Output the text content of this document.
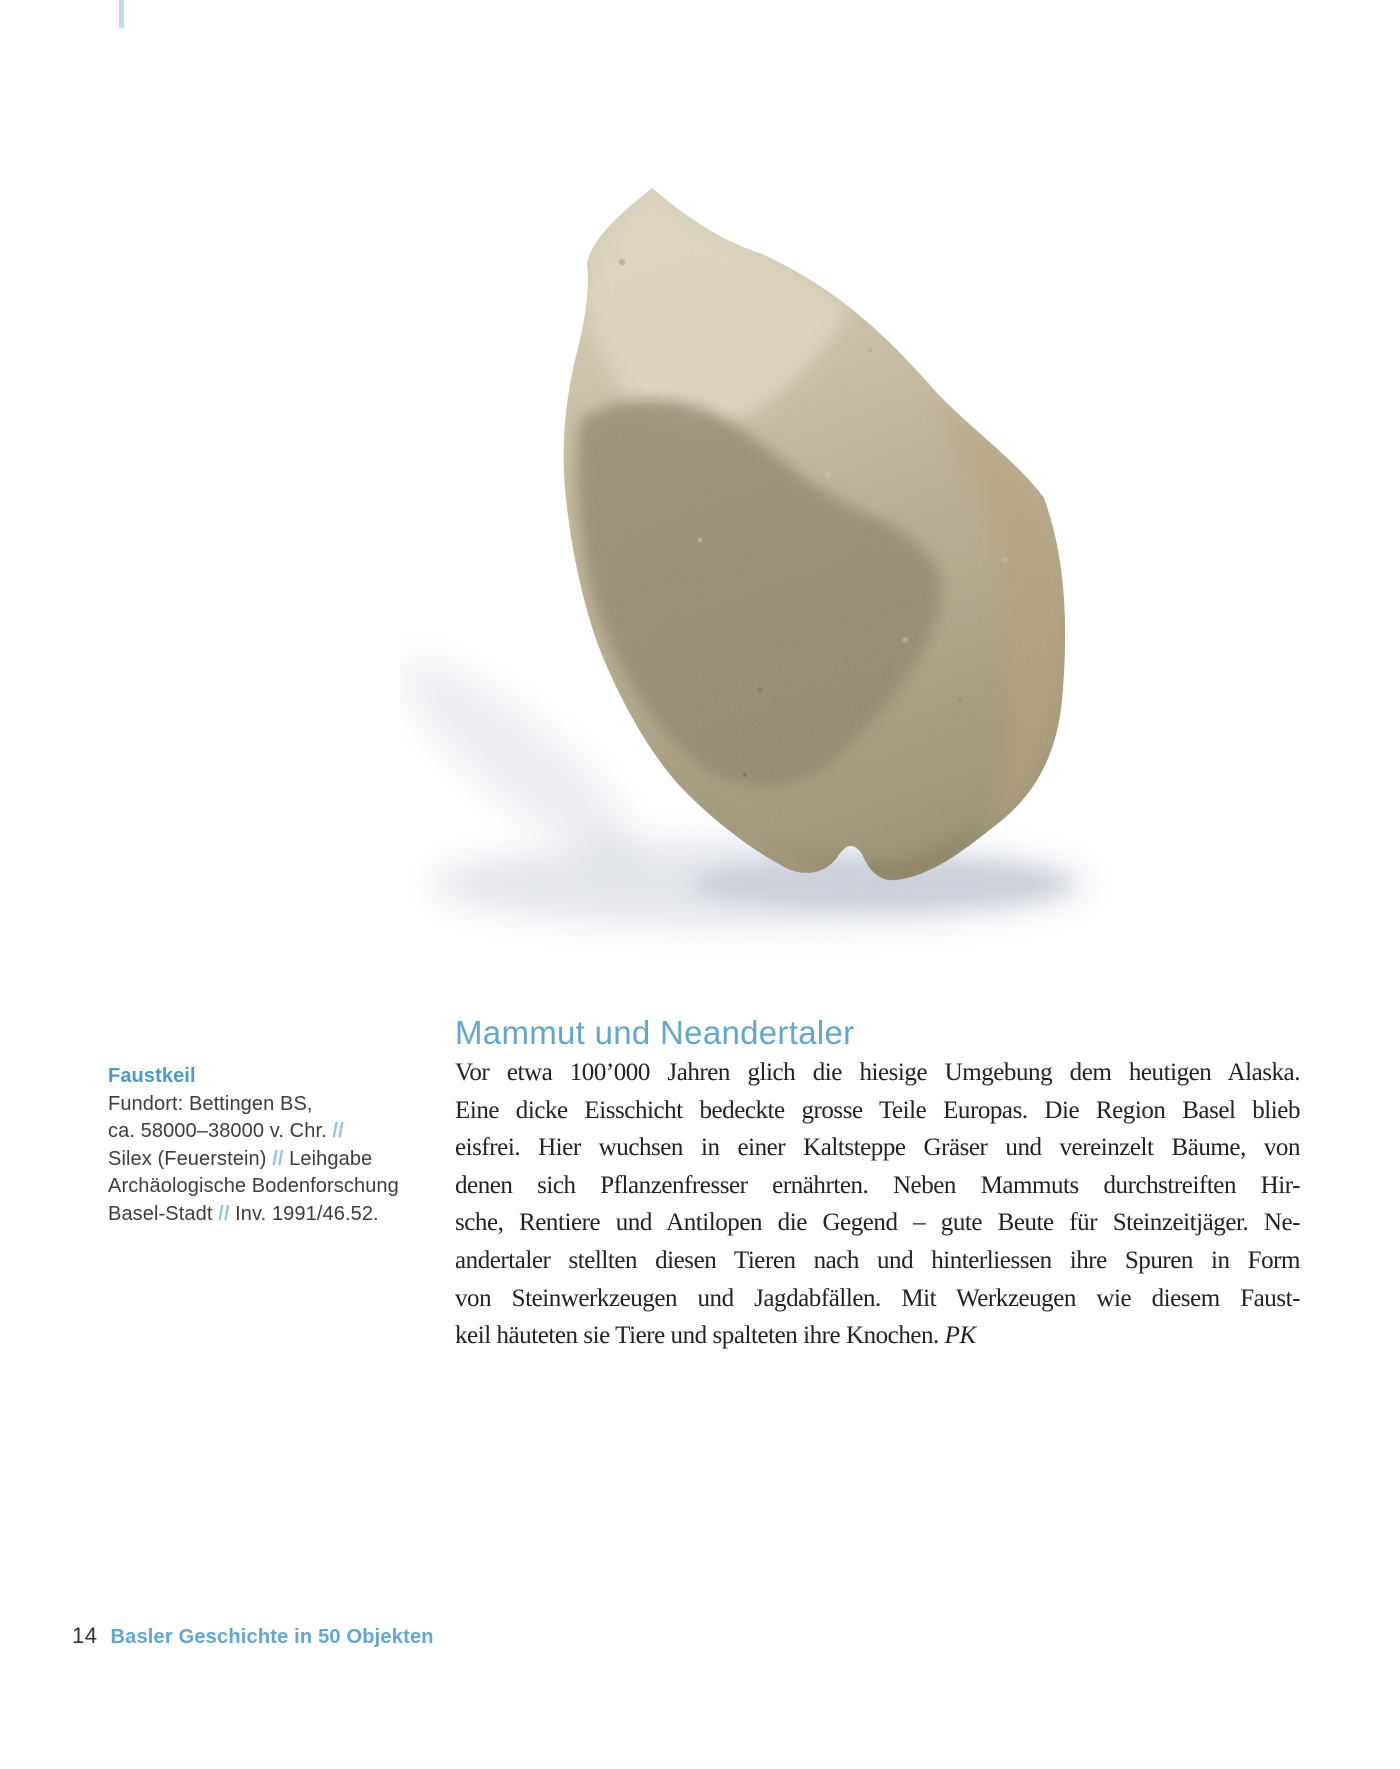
Faustkeil
Fundort: Bettingen BS,
ca. 58000–38000 v. Chr. //
Silex (Feuerstein) // Leihgabe
Archäologische Bodenforschung
Basel-Stadt // Inv. 1991/46.52.
Mammut und Neandertaler
Vor etwa 100’000 Jahren glich die hiesige Umgebung dem heutigen Alaska.
Eine dicke Eisschicht bedeckte grosse Teile Europas. Die Region Basel blieb
eisfrei. Hier wuchsen in einer Kaltsteppe Gräser und vereinzelt Bäume, von
denen sich Pflanzenfresser ernährten. Neben Mammuts durchstreiften Hir-
sche, Rentiere und Antilopen die Gegend – gute Beute für Steinzeitjäger. Ne-
andertaler stellten diesen Tieren nach und hinterliessen ihre Spuren in Form
von Steinwerkzeugen und Jagdabfällen. Mit Werkzeugen wie diesem Faust-
keil häuteten sie Tiere und spalteten ihre Knochen. PK
14 Basler Geschichte in 50 Objekten
